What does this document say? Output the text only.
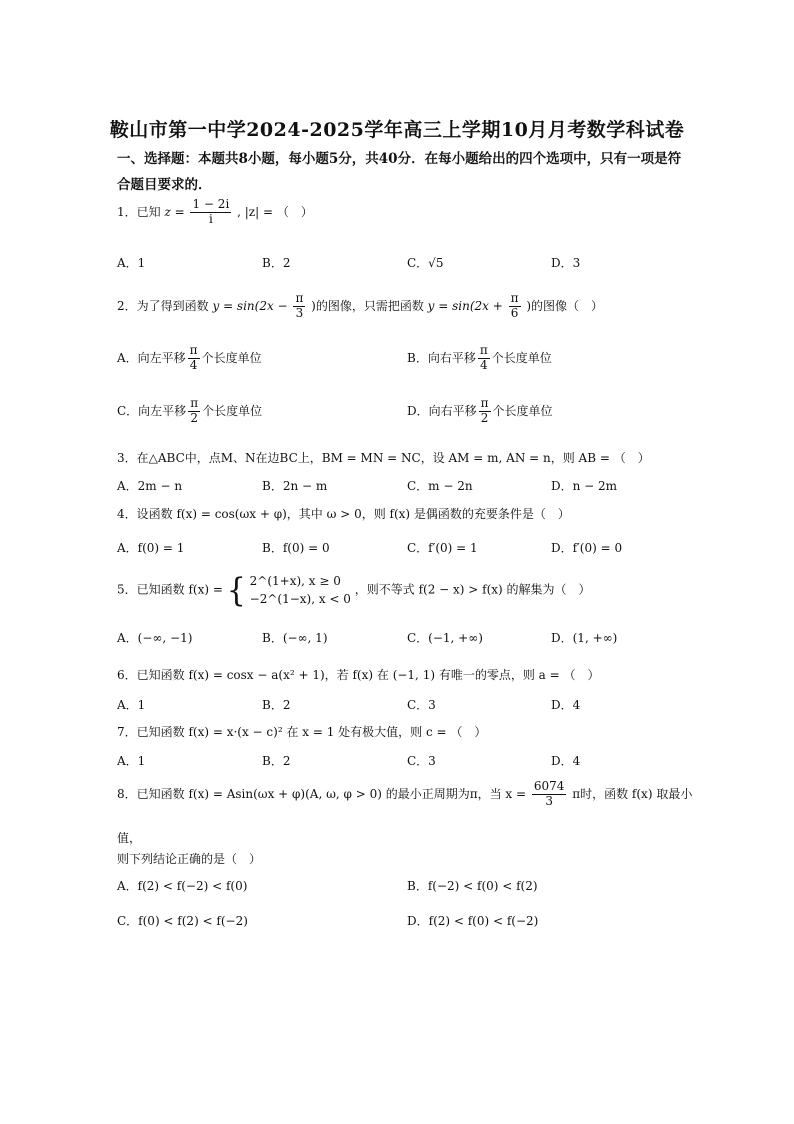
鞍山市第一中学2024-2025学年高三上学期10月月考数学科试卷
一、选择题：本题共8小题，每小题5分，共40分．在每小题给出的四个选项中，只有一项是符合题目要求的．
1．已知 $z = \frac{1 - 2i}{i}$ , |z| = （　）
A．1	B．2	C．√5	D．3
2．为了得到函数 $y = \sin(2x - \frac{\pi}{3}$ )的图像，只需把函数 $y = \sin(2x + \frac{\pi}{6}$ )的图像（　）
A．向左平移 $\frac{\pi}{4}$ 个长度单位	B．向右平移 $\frac{\pi}{4}$ 个长度单位
C．向左平移 $\frac{\pi}{2}$ 个长度单位	D．向右平移 $\frac{\pi}{2}$ 个长度单位
3．在△ABC中，点M、N在边BC上，BM = MN = NC，设 AM = m, AN = n，则 AB = （　）
A．2m − n	B．2n − m	C．m − 2n	D．n − 2m
4．设函数 f(x) = cos(ωx + φ)，其中 ω > 0，则 f(x) 是偶函数的充要条件是（　）
A．f(0) = 1	B．f(0) = 0	C．f′(0) = 1	D．f′(0) = 0
5．已知函数 f(x) = { 2^(1+x), x ≥ 0
−2^(1−x), x < 0
，则不等式 f(2 − x) > f(x) 的解集为（　）
A．(−∞, −1)	B．(−∞, 1)	C．(−1, +∞)	D．(1, +∞)
6．已知函数 f(x) = cosx − a(x² + 1)，若 f(x) 在 (−1, 1) 有唯一的零点，则 a = （　）
A．1	B．2	C．3	D．4
7．已知函数 f(x) = x·(x − c)² 在 x = 1 处有极大值，则 c = （　）
A．1	B．2	C．3	D．4
8．已知函数 f(x) = Asin(ωx + φ)(A, ω, φ > 0) 的最小正周期为π，当 $x = \frac{6074}{3}$ π时，函数 f(x) 取最小
值，
则下列结论正确的是（　）
A．f(2) < f(−2) < f(0)	B．f(−2) < f(0) < f(2)
C．f(0) < f(2) < f(−2)	D．f(2) < f(0) < f(−2)
